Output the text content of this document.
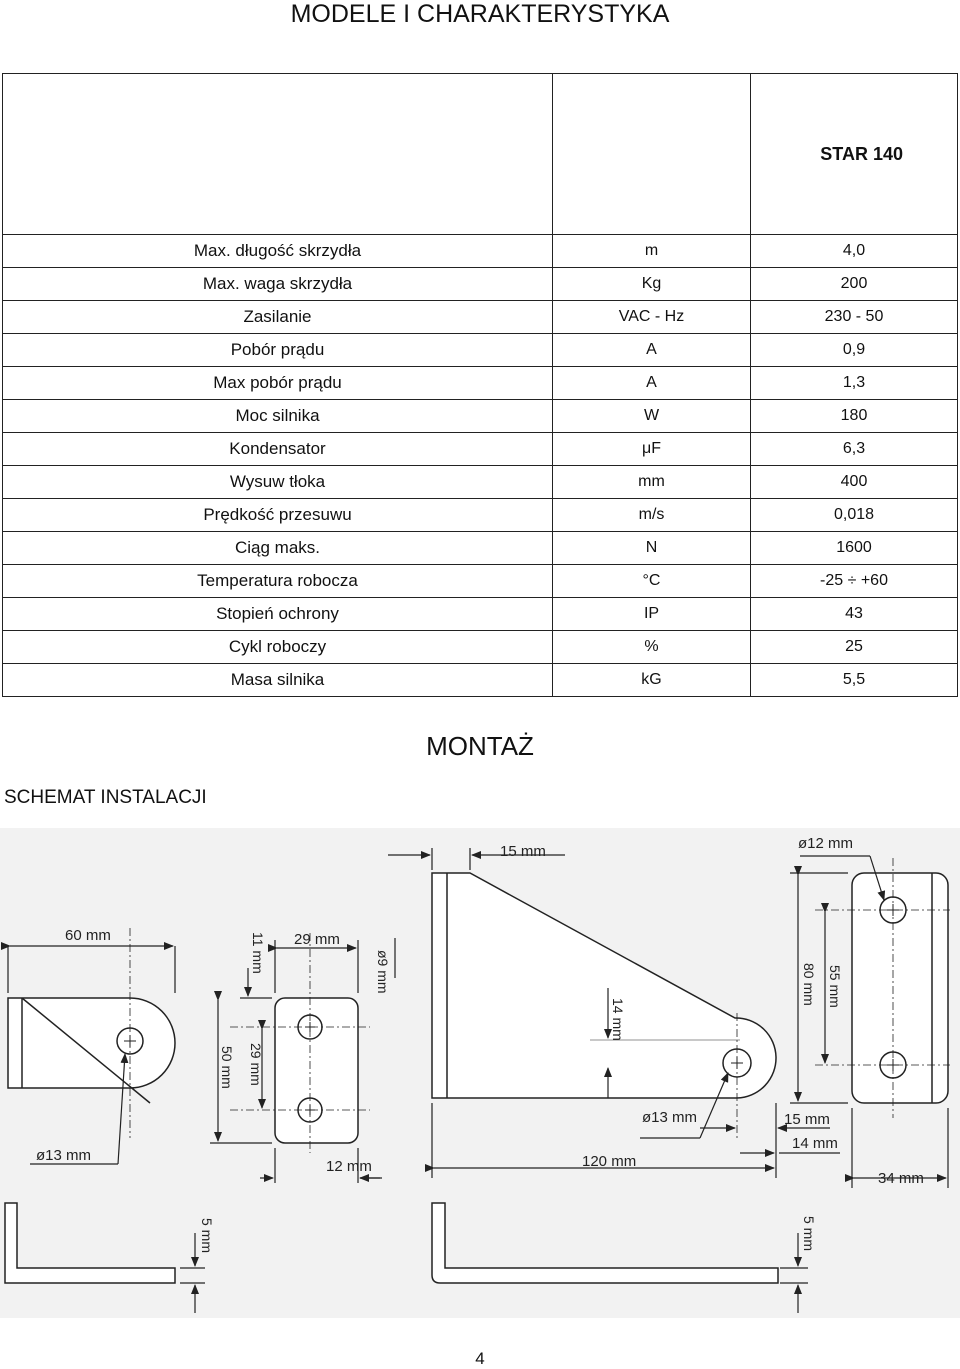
MODELE I CHARAKTERYSTYKA
		STAR 140
Max. długość skrzydła	m	4,0
Max. waga skrzydła	Kg	200
Zasilanie	VAC - Hz	230 - 50
Pobór prądu	A	0,9
Max pobór prądu	A	1,3
Moc silnika	W	180
Kondensator	μF	6,3
Wysuw tłoka	mm	400
Prędkość przesuwu	m/s	0,018
Ciąg maks.	N	1600
Temperatura robocza	°C	-25 ÷ +60
Stopień ochrony	IP	43
Cykl roboczy	%	25
Masa silnika	kG	5,5
MONTAŻ
SCHEMAT INSTALACJI
60 mm
ø13 mm
5 mm
29 mm
11 mm	ø9 mm
50 mm 29 mm
12 mm
15 mm
14 mm
ø13 mm	15 mm
14 mm
120 mm
5 mm
ø12 mm
80 mm 55 mm
34 mm
4
